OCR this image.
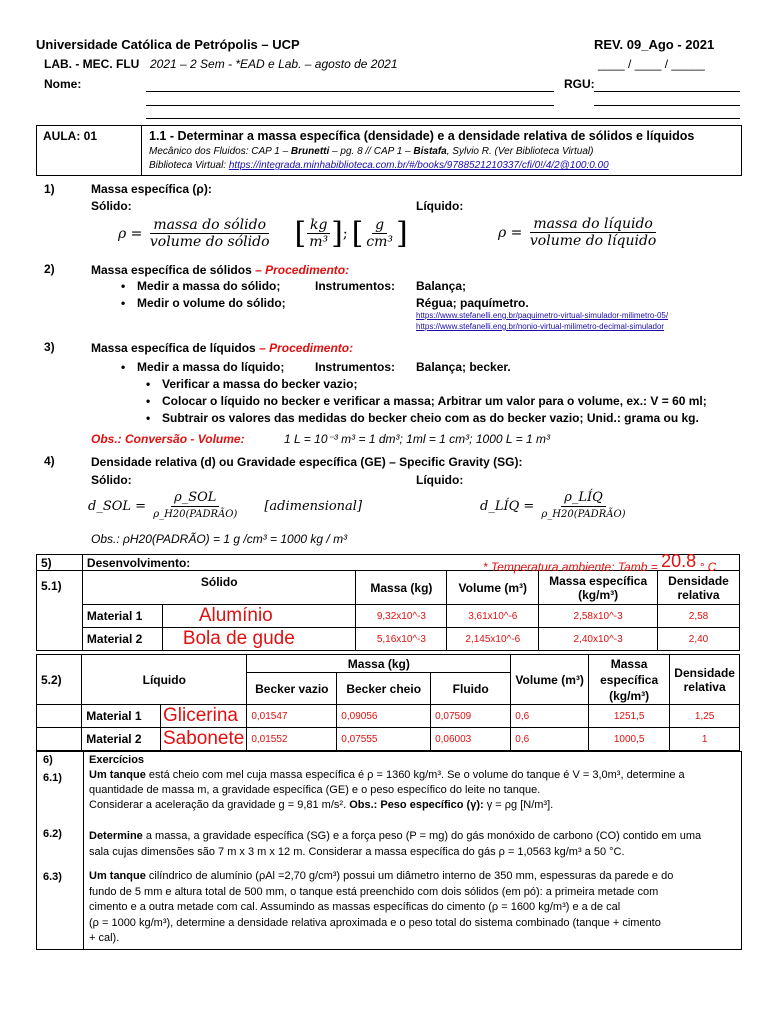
Universidade Católica de Petrópolis – UCP	REV. 09_Ago - 2021
LAB. - MEC. FLU 2021 – 2 Sem - *EAD e Lab. – agosto de 2021	____ / ____ / _____
Nome:	RGU:
AULA: 01	1.1 - Determinar a massa específica (densidade) e a densidade relativa de sólidos e líquidos
Mecânico dos Fluidos: CAP 1 – Brunetti – pg. 8 // CAP 1 – Bistafa, Sylvio R. (Ver Biblioteca Virtual)
Biblioteca Virtual: https://integrada.minhabiblioteca.com.br/#/books/9788521210337/cfi/0!/4/2@100:0.00
1)	Massa específica (ρ):
Sólido:	Líquido:
ρ =
$\frac{\text{massa do sólido}}{\text{volume do sólido}}$ [ $\frac{kg}{\text{m³}}$ ] ; [ $\frac{g}{\text{cm³}}$ ]	ρ =
$\frac{\text{massa do líquido}}{\text{volume do líquido}}$
2)	Massa específica de sólidos – Procedimento:
• Medir a massa do sólido;
• Medir o volume do sólido;
Instrumentos: Balança;
Régua; paquímetro.
https://www.stefanelli.eng.br/paquimetro-virtual-simulador-milimetro-05/
https://www.stefanelli.eng.br/nonio-virtual-milimetro-decimal-simulador
3)	Massa específica de líquidos – Procedimento:
• Medir a massa do líquido;	Instrumentos: Balança; becker.
• Verificar a massa do becker vazio;
• Colocar o líquido no becker e verificar a massa; Arbitrar um valor para o volume, ex.: V = 60 ml;
• Subtrair os valores das medidas do becker cheio com as do becker vazio; Unid.: grama ou kg.
Obs.: Conversão - Volume:	1 L = 10⁻³ m³ = 1 dm³; 1ml = 1 cm³; 1000 L = 1 m³
4)	Densidade relativa (d) ou Gravidade específica (GE) – Specific Gravity (SG):
Sólido:	Líquido:
d_SOL =
$\frac{\text{ρ\_SOL}}{\text{ρ\_H20(PADRÃO)}}$ [adimensional]	d_LÍQ =
$\frac{\text{ρ\_LÍQ}}{\text{ρ\_H20(PADRÃO)}}$
Obs.: ρH20(PADRÃO) = 1 g /cm³ = 1000 kg / m³
5)	Desenvolvimento: * Temperatura ambiente: Tamb = 20.8 ° C					

5.1)	Sólido		Massa (kg)	Volume (m³)	Massa específica (kg/m³)	Densidade relativa
	Material 1	Alumínio	9,32x10^-3	3,61x10^-6	2,58x10^-3	2,58
	Material 2	Bola de gude	5,16x10^-3	2,145x10^-6	2,40x10^-3	2,40
5.2)	Líquido		Massa (kg)			Volume (m³)	Massa específica (kg/m³)	Densidade relativa
			Becker vazio	Becker cheio	Fluido			
	Material 1	Glicerina	0,01547	0,09056	0,07509	0,6	1251,5	1,25
	Material 2	Sabonete	0,01552	0,07555	0,06003	0,6	1000,5	1
6)	Exercícios
6.1) Um tanque está cheio com mel cuja massa específica é ρ = 1360 kg/m³. Se o volume do tanque é V = 3,0m³, determine a
quantidade de massa m, a gravidade específica (GE) e o peso específico do leite no tanque.
Considerar a aceleração da gravidade g = 9,81 m/s². Obs.: Peso específico (γ): γ = ρg [N/m³].
6.2) Determine a massa, a gravidade específica (SG) e a força peso (P = mg) do gás monóxido de carbono (CO) contido em uma
sala cujas dimensões são 7 m x 3 m x 12 m. Considerar a massa específica do gás ρ = 1,0563 kg/m³ a 50 °C.
6.3) Um tanque cilíndrico de alumínio (ρAl =2,70 g/cm³) possui um diâmetro interno de 350 mm, espessuras da parede e do
fundo de 5 mm e altura total de 500 mm, o tanque está preenchido com dois sólidos (em pó): a primeira metade com
cimento e a outra metade com cal. Assumindo as massas específicas do cimento (ρ = 1600 kg/m³) e a de cal
(ρ = 1000 kg/m³), determine a densidade relativa aproximada e o peso total do sistema combinado (tanque + cimento
+ cal).
